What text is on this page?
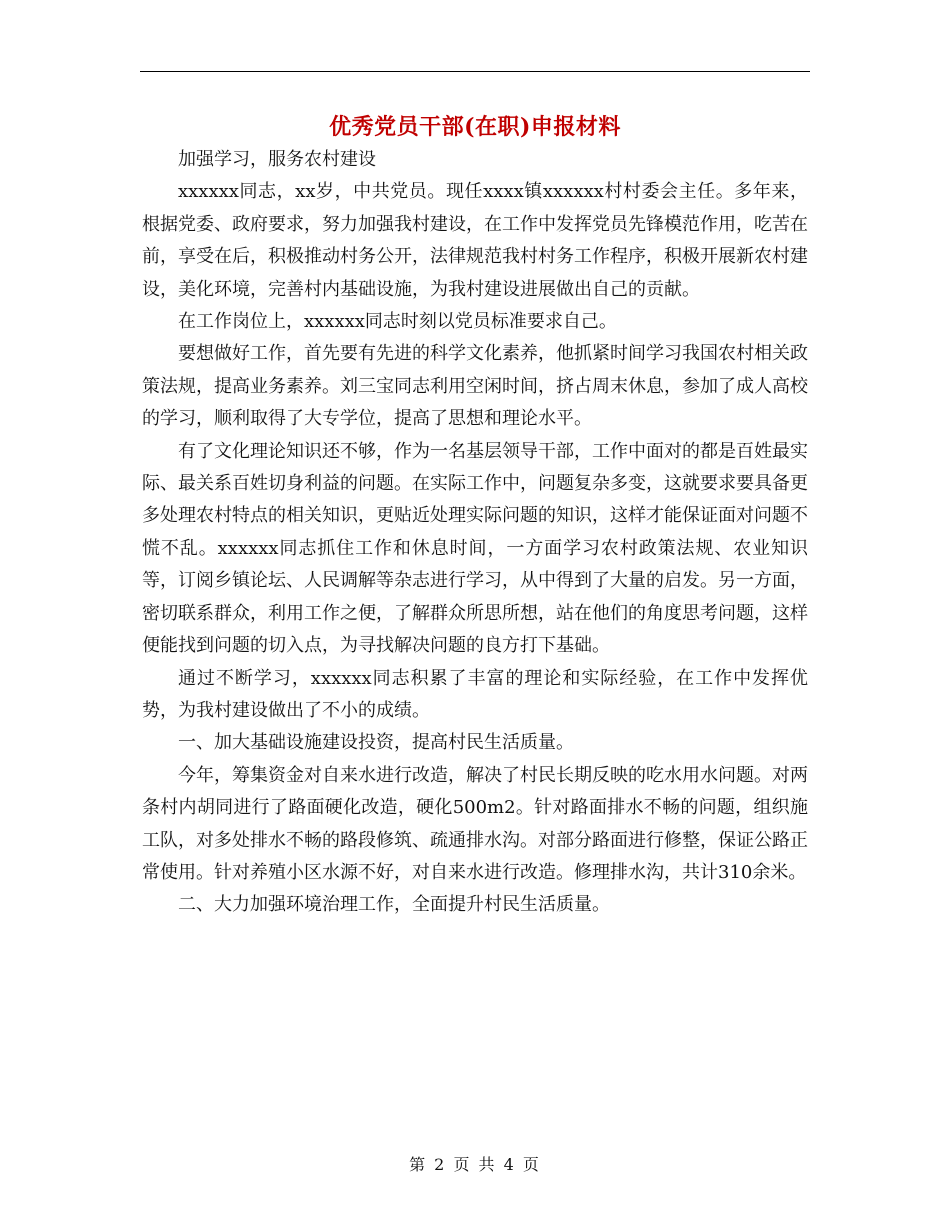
优秀党员干部(在职)申报材料

加强学习，服务农村建设

xxxxxx同志，xx岁，中共党员。现任xxxx镇xxxxxx村村委会主任。多年来，根据党委、政府要求，努力加强我村建设，在工作中发挥党员先锋模范作用，吃苦在前，享受在后，积极推动村务公开，法律规范我村村务工作程序，积极开展新农村建设，美化环境，完善村内基础设施，为我村建设进展做出自己的贡献。

在工作岗位上，xxxxxx同志时刻以党员标准要求自己。

要想做好工作，首先要有先进的科学文化素养，他抓紧时间学习我国农村相关政策法规，提高业务素养。刘三宝同志利用空闲时间，挤占周末休息，参加了成人高校的学习，顺利取得了大专学位，提高了思想和理论水平。

有了文化理论知识还不够，作为一名基层领导干部，工作中面对的都是百姓最实际、最关系百姓切身利益的问题。在实际工作中，问题复杂多变，这就要求要具备更多处理农村特点的相关知识，更贴近处理实际问题的知识，这样才能保证面对问题不慌不乱。xxxxxx同志抓住工作和休息时间，一方面学习农村政策法规、农业知识等，订阅乡镇论坛、人民调解等杂志进行学习，从中得到了大量的启发。另一方面，密切联系群众，利用工作之便，了解群众所思所想，站在他们的角度思考问题，这样便能找到问题的切入点，为寻找解决问题的良方打下基础。

通过不断学习，xxxxxx同志积累了丰富的理论和实际经验，在工作中发挥优势，为我村建设做出了不小的成绩。

一、加大基础设施建设投资，提高村民生活质量。

今年，筹集资金对自来水进行改造，解决了村民长期反映的吃水用水问题。对两条村内胡同进行了路面硬化改造，硬化500m2。针对路面排水不畅的问题，组织施工队，对多处排水不畅的路段修筑、疏通排水沟。对部分路面进行修整，保证公路正常使用。针对养殖小区水源不好，对自来水进行改造。修理排水沟，共计310余米。

二、大力加强环境治理工作，全面提升村民生活质量。

第 2 页 共 4 页
